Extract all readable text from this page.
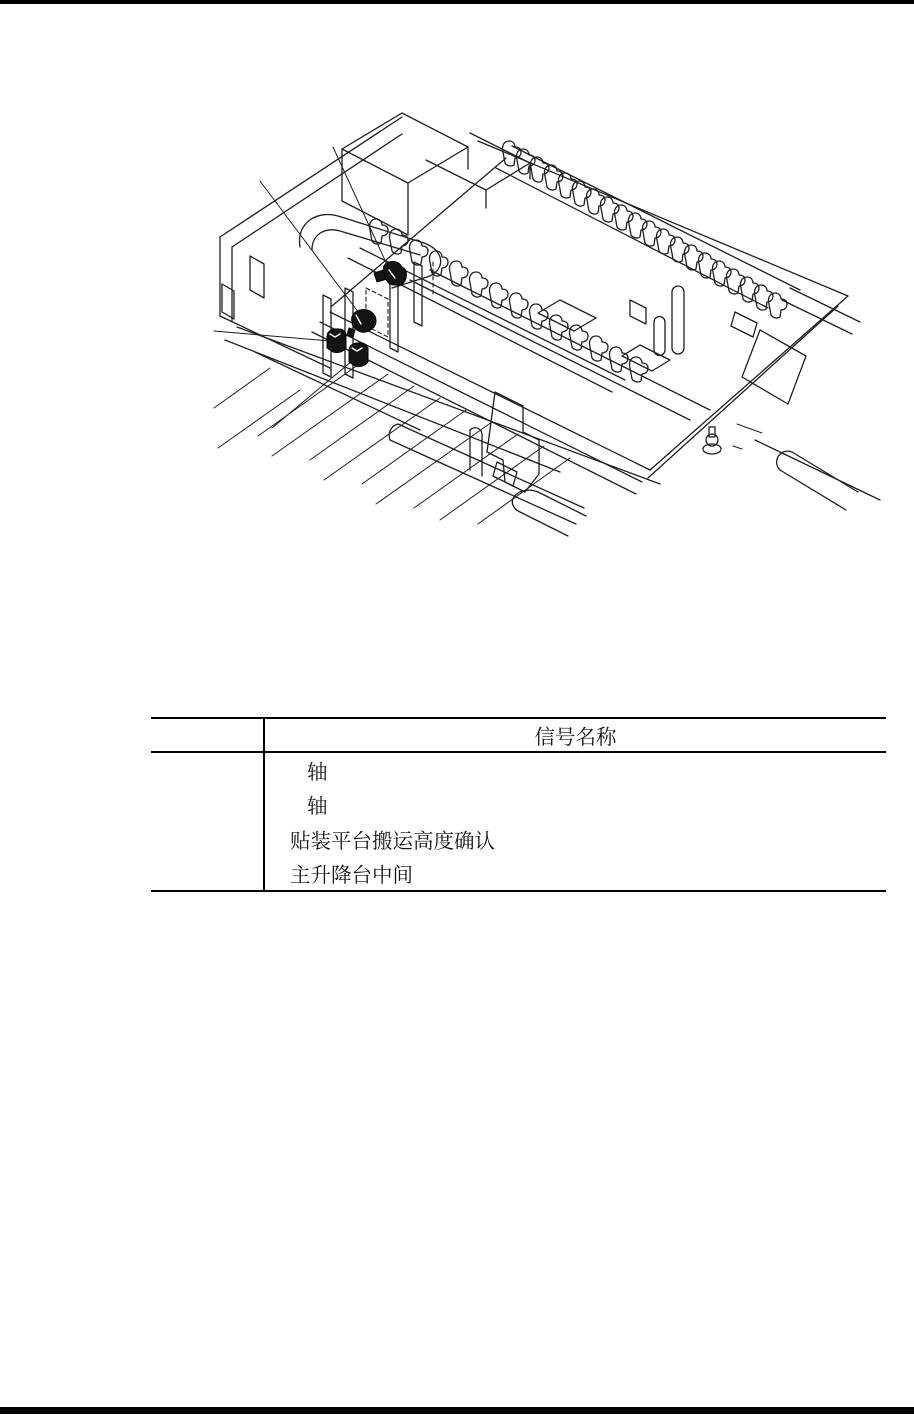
信号名称
轴
轴
贴装平台搬运高度确认
主升降台中间
